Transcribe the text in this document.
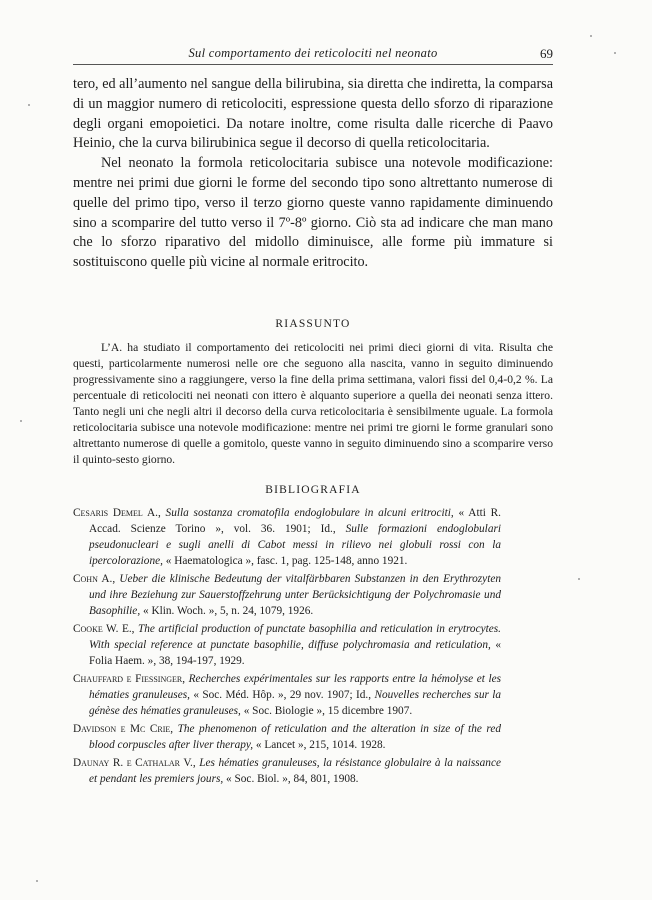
Sul comportamento dei reticolociti nel neonato	69

tero, ed all’aumento nel sangue della bilirubina, sia diretta che indiretta, la comparsa di un maggior numero di reticolociti, espressione questa dello sforzo di riparazione degli organi emopoietici. Da notare inoltre, come risulta dalle ricerche di Paavo Heinio, che la curva bilirubinica segue il decorso di quella reticolocitaria.

Nel neonato la formola reticolocitaria subisce una notevole modificazione: mentre nei primi due giorni le forme del secondo tipo sono altrettanto numerose di quelle del primo tipo, verso il terzo giorno queste vanno rapidamente diminuendo sino a scomparire del tutto verso il 7º-8º giorno. Ciò sta ad indicare che man mano che lo sforzo riparativo del midollo diminuisce, alle forme più immature si sostituiscono quelle più vicine al normale eritrocito.

RIASSUNTO
L’A. ha studiato il comportamento dei reticolociti nei primi dieci giorni di vita. Risulta che questi, particolarmente numerosi nelle ore che seguono alla nascita, vanno in seguito diminuendo progressivamente sino a raggiungere, verso la fine della prima settimana, valori fissi del 0,4-0,2 %. La percentuale di reticolociti nei neonati con ittero è alquanto superiore a quella dei neonati senza ittero. Tanto negli uni che negli altri il decorso della curva reticolocitaria è sensibilmente uguale. La formola reticolocitaria subisce una notevole modificazione: mentre nei primi tre giorni le forme granulari sono altrettanto numerose di quelle a gomitolo, queste vanno in seguito diminuendo sino a scomparire verso il quinto-sesto giorno.
BIBLIOGRAFIA

Cesaris Demel A., Sulla sostanza cromatofila endoglobulare in alcuni eritrociti, « Atti R. Accad. Scienze Torino », vol. 36. 1901; Id., Sulle formazioni endoglobulari pseudonucleari e sugli anelli di Cabot messi in rilievo nei globuli rossi con la ipercolorazione, « Haematologica », fasc. 1, pag. 125-148, anno 1921.

Cohn A., Ueber die klinische Bedeutung der vitalfärbbaren Substanzen in den Erythrozyten und ihre Beziehung zur Sauerstoffzehrung unter Berücksichtigung der Polychromasie und Basophilie, « Klin. Woch. », 5, n. 24, 1079, 1926.

Cooke W. E., The artificial production of punctate basophilia and reticulation in erytrocytes. With special reference at punctate basophilie, diffuse polychromasia and reticulation, « Folia Haem. », 38, 194-197, 1929.

Chauffard e Fiessinger, Recherches expérimentales sur les rapports entre la hémolyse et les hématies granuleuses, « Soc. Méd. Hôp. », 29 nov. 1907; Id., Nouvelles recherches sur la génèse des hématies granuleuses, « Soc. Biologie », 15 dicembre 1907.

Davidson e Mc Crie, The phenomenon of reticulation and the alteration in size of the red blood corpuscles after liver therapy, « Lancet », 215, 1014. 1928.

Daunay R. e Cathalar V., Les hématies granuleuses, la résistance globulaire à la naissance et pendant les premiers jours, « Soc. Biol. », 84, 801, 1908.
